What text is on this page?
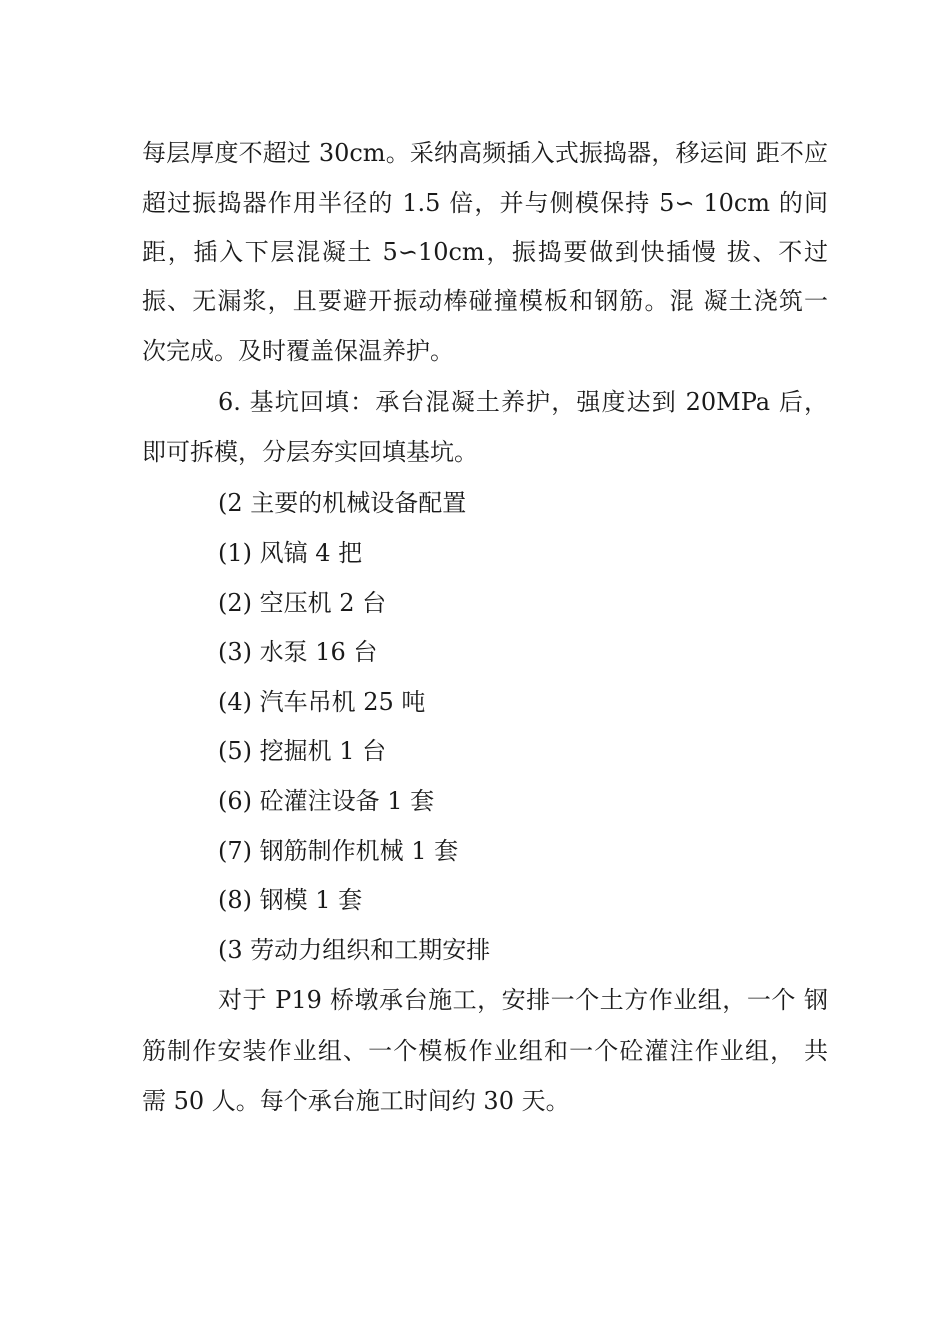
每层厚度不超过 30cm。采纳高频插入式振捣器，移运间 距不应
超过振捣器作用半径的 1.5 倍，并与侧模保持 5∽ 10cm 的间
距，插入下层混凝土 5∽10cm，振捣要做到快插慢 拔、不过
振、无漏浆，且要避开振动棒碰撞模板和钢筋。混 凝土浇筑一
次完成。及时覆盖保温养护。
6. 基坑回填：承台混凝土养护，强度达到 20MPa 后，
即可拆模，分层夯实回填基坑。
(2 主要的机械设备配置
(1) 风镐 4 把
(2) 空压机 2 台
(3) 水泵 16 台
(4) 汽车吊机 25 吨
(5) 挖掘机 1 台
(6) 砼灌注设备 1 套
(7) 钢筋制作机械 1 套
(8) 钢模 1 套
(3 劳动力组织和工期安排
对于 P19 桥墩承台施工，安排一个土方作业组，一个 钢
筋制作安装作业组、一个模板作业组和一个砼灌注作业组， 共
需 50 人。每个承台施工时间约 30 天。
